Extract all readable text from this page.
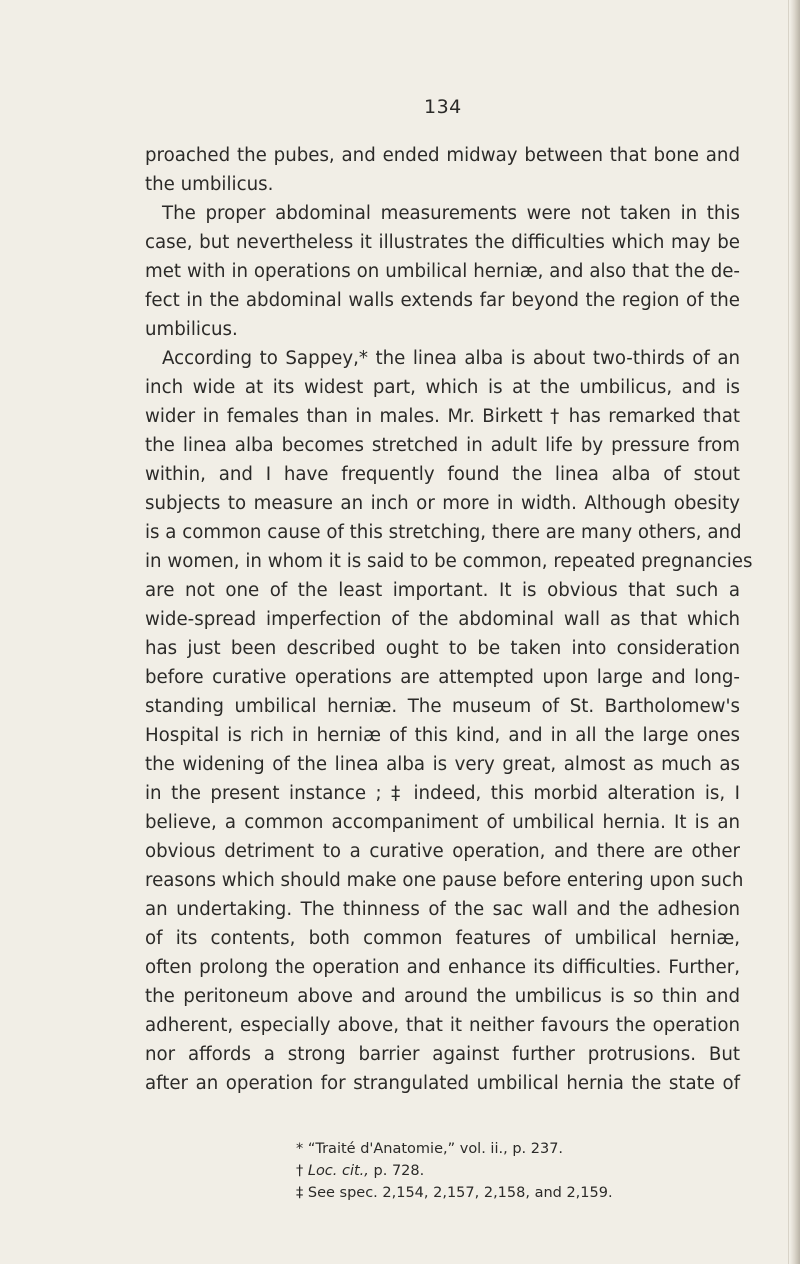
134
proached the pubes, and ended midway between that bone and
the umbilicus.
The proper abdominal measurements were not taken in this
case, but nevertheless it illustrates the difficulties which may be
met with in operations on umbilical herniæ, and also that the de-
fect in the abdominal walls extends far beyond the region of the
umbilicus.
According to Sappey,* the linea alba is about two-thirds of an
inch wide at its widest part, which is at the umbilicus, and is
wider in females than in males. Mr. Birkett † has remarked that
the linea alba becomes stretched in adult life by pressure from
within, and I have frequently found the linea alba of stout
subjects to measure an inch or more in width. Although obesity
is a common cause of this stretching, there are many others, and
in women, in whom it is said to be common, repeated pregnancies
are not one of the least important. It is obvious that such a
wide-spread imperfection of the abdominal wall as that which
has just been described ought to be taken into consideration
before curative operations are attempted upon large and long-
standing umbilical herniæ. The museum of St. Bartholomew's
Hospital is rich in herniæ of this kind, and in all the large ones
the widening of the linea alba is very great, almost as much as
in the present instance ; ‡ indeed, this morbid alteration is, I
believe, a common accompaniment of umbilical hernia. It is an
obvious detriment to a curative operation, and there are other
reasons which should make one pause before entering upon such
an undertaking. The thinness of the sac wall and the adhesion
of its contents, both common features of umbilical herniæ,
often prolong the operation and enhance its difficulties. Further,
the peritoneum above and around the umbilicus is so thin and
adherent, especially above, that it neither favours the operation
nor affords a strong barrier against further protrusions. But
after an operation for strangulated umbilical hernia the state of
* “Traité d'Anatomie,” vol. ii., p. 237.
† Loc. cit., p. 728.
‡ See spec. 2,154, 2,157, 2,158, and 2,159.
